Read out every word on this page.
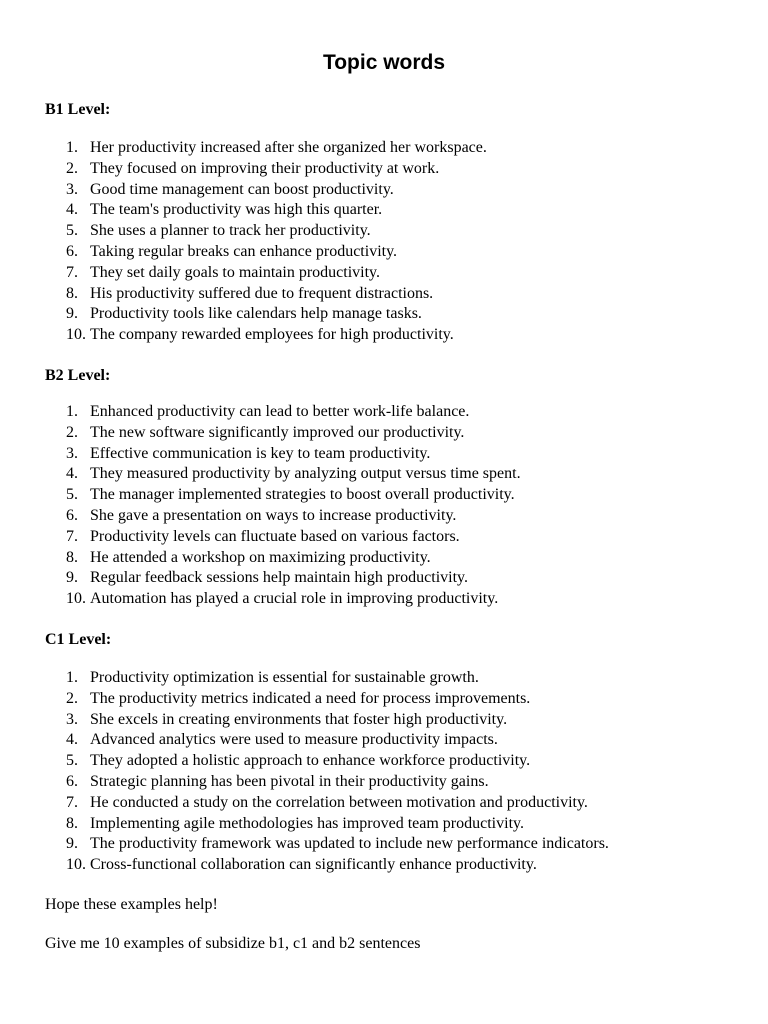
Topic words

B1 Level:

1. Her productivity increased after she organized her workspace.
2. They focused on improving their productivity at work.
3. Good time management can boost productivity.
4. The team's productivity was high this quarter.
5. She uses a planner to track her productivity.
6. Taking regular breaks can enhance productivity.
7. They set daily goals to maintain productivity.
8. His productivity suffered due to frequent distractions.
9. Productivity tools like calendars help manage tasks.
10. The company rewarded employees for high productivity.

B2 Level:

1. Enhanced productivity can lead to better work-life balance.
2. The new software significantly improved our productivity.
3. Effective communication is key to team productivity.
4. They measured productivity by analyzing output versus time spent.
5. The manager implemented strategies to boost overall productivity.
6. She gave a presentation on ways to increase productivity.
7. Productivity levels can fluctuate based on various factors.
8. He attended a workshop on maximizing productivity.
9. Regular feedback sessions help maintain high productivity.
10. Automation has played a crucial role in improving productivity.

C1 Level:

1. Productivity optimization is essential for sustainable growth.
2. The productivity metrics indicated a need for process improvements.
3. She excels in creating environments that foster high productivity.
4. Advanced analytics were used to measure productivity impacts.
5. They adopted a holistic approach to enhance workforce productivity.
6. Strategic planning has been pivotal in their productivity gains.
7. He conducted a study on the correlation between motivation and productivity.
8. Implementing agile methodologies has improved team productivity.
9. The productivity framework was updated to include new performance indicators.
10. Cross-functional collaboration can significantly enhance productivity.

Hope these examples help!

Give me 10 examples of subsidize b1, c1 and b2 sentences
